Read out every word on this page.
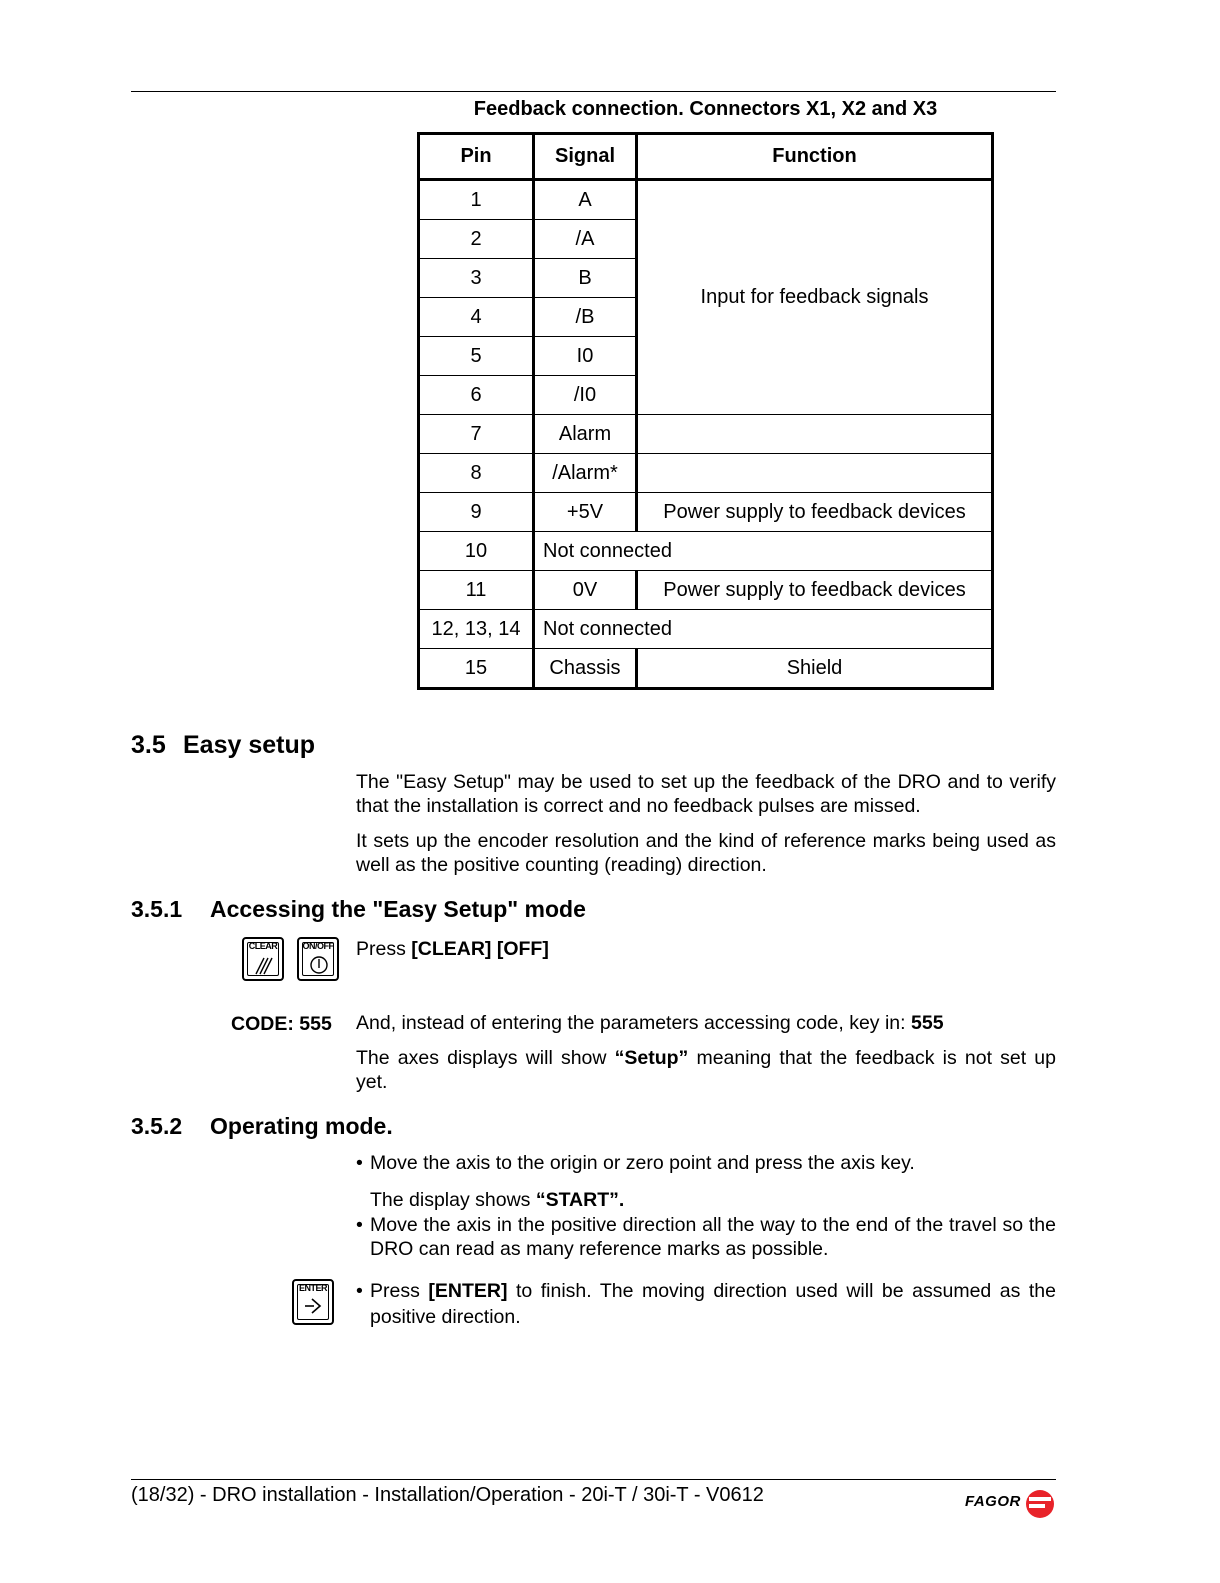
Feedback connection. Connectors X1, X2 and X3
Pin	Signal	Function
1	A	Input for feedback signals
2	/A	
3	B	
4	/B	
5	I0	
6	/I0	
7	Alarm	
8	/Alarm*	
9	+5V	Power supply to feedback devices
10	Not connected	
11	0V	Power supply to feedback devices
12, 13, 14	Not connected	
15	Chassis	Shield
3.5 Easy setup
The "Easy Setup" may be used to set up the feedback of the DRO and to verify that the installation is correct and no feedback pulses are missed.
It sets up the encoder resolution and the kind of reference marks being used as well as the positive counting (reading) direction.
3.5.1 Accessing the "Easy Setup" mode
CLEAR	ON/OFF Press [CLEAR] [OFF]
CODE: 555 And, instead of entering the parameters accessing code, key in: 555
The axes displays will show “Setup” meaning that the feedback is not set up yet.
3.5.2 Operating mode.
• Move the axis to the origin or zero point and press the axis key.
The display shows “START”.
• Move the axis in the positive direction all the way to the end of the travel so the DRO can read as many reference marks as possible.
ENTER • Press [ENTER] to finish. The moving direction used will be assumed as the positive direction.
(18/32) - DRO installation - Installation/Operation - 20i-T / 30i-T - V0612	FAGOR
